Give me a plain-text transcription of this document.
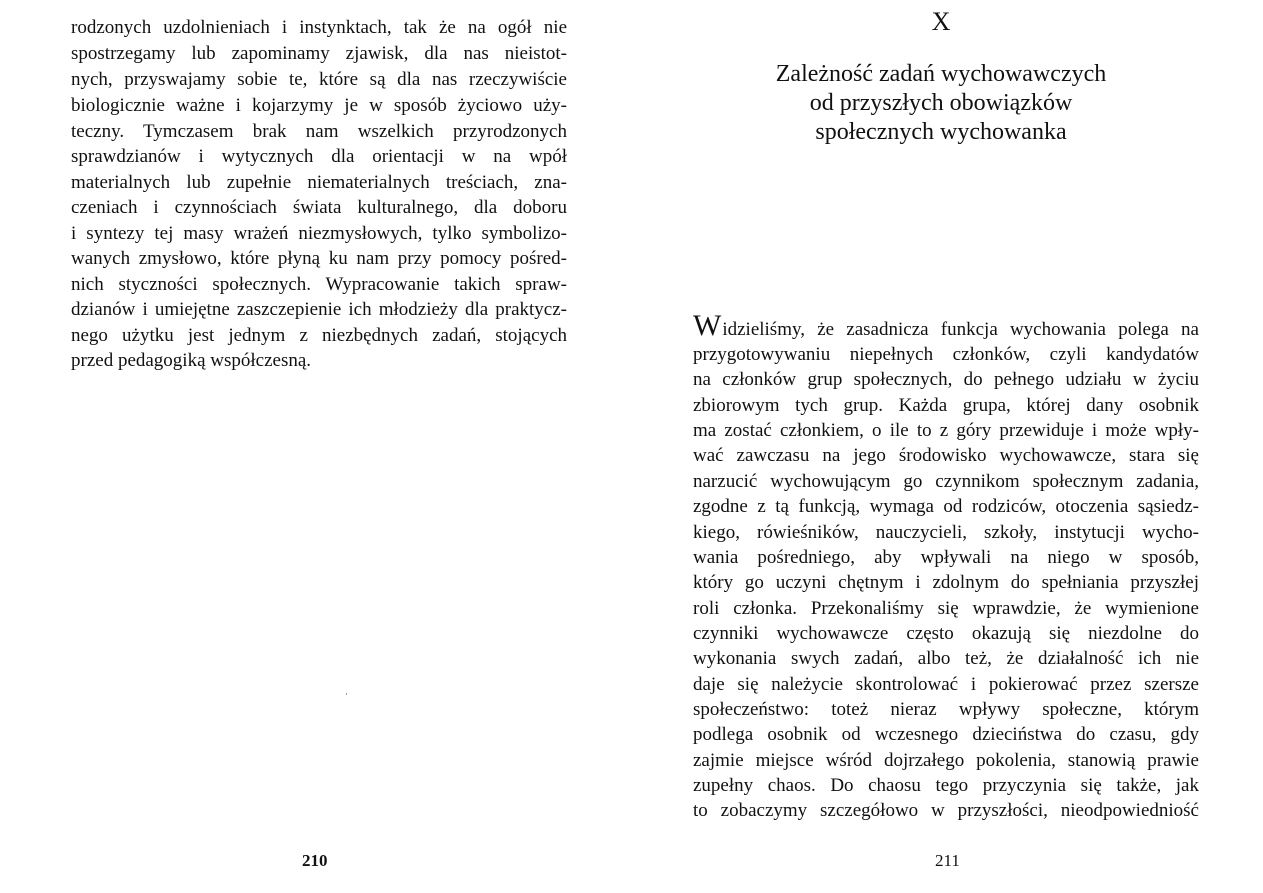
rodzonych uzdolnieniach i instynktach, tak że na ogół nie

spostrzegamy lub zapominamy zjawisk, dla nas nieistot-

nych, przyswajamy sobie te, które są dla nas rzeczywiście

biologicznie ważne i kojarzymy je w sposób życiowo uży-

teczny. Tymczasem brak nam wszelkich przyrodzonych

sprawdzianów i wytycznych dla orientacji w na wpół

materialnych lub zupełnie niematerialnych treściach, zna-

czeniach i czynnościach świata kulturalnego, dla doboru

i syntezy tej masy wrażeń niezmysłowych, tylko symbolizo-

wanych zmysłowo, które płyną ku nam przy pomocy pośred-

nich styczności społecznych. Wypracowanie takich spraw-

dzianów i umiejętne zaszczepienie ich młodzieży dla praktycz-

nego użytku jest jednym z niezbędnych zadań, stojących

przed pedagogiką współczesną.

210

X

Zależność zadań wychowawczych
od przyszłych obowiązków
społecznych wychowanka

Widzieliśmy, że zasadnicza funkcja wychowania polega na

przygotowywaniu niepełnych członków, czyli kandydatów

na członków grup społecznych, do pełnego udziału w życiu

zbiorowym tych grup. Każda grupa, której dany osobnik

ma zostać członkiem, o ile to z góry przewiduje i może wpły-

wać zawczasu na jego środowisko wychowawcze, stara się

narzucić wychowującym go czynnikom społecznym zadania,

zgodne z tą funkcją, wymaga od rodziców, otoczenia sąsiedz-

kiego, rówieśników, nauczycieli, szkoły, instytucji wycho-

wania pośredniego, aby wpływali na niego w sposób,

który go uczyni chętnym i zdolnym do spełniania przyszłej

roli członka. Przekonaliśmy się wprawdzie, że wymienione

czynniki wychowawcze często okazują się niezdolne do

wykonania swych zadań, albo też, że działalność ich nie

daje się należycie skontrolować i pokierować przez szersze

społeczeństwo: toteż nieraz wpływy społeczne, którym

podlega osobnik od wczesnego dzieciństwa do czasu, gdy

zajmie miejsce wśród dojrzałego pokolenia, stanowią prawie

zupełny chaos. Do chaosu tego przyczynia się także, jak

to zobaczymy szczegółowo w przyszłości, nieodpowiedniość

211
